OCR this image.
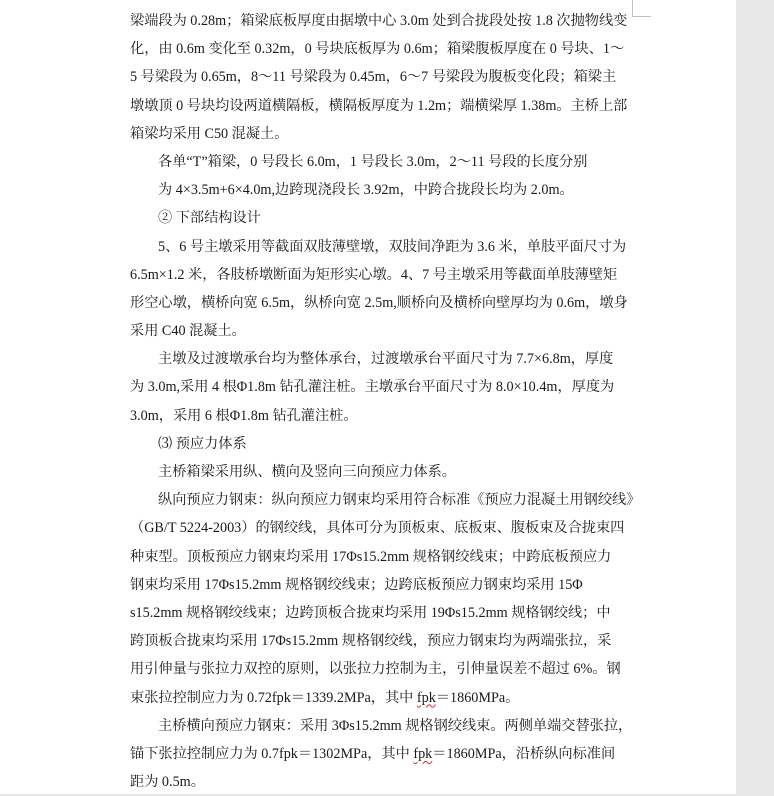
梁端段为 0.28m；箱梁底板厚度由据墩中心 3.0m 处到合拢段处按 1.8 次抛物线变
化，由 0.6m 变化至 0.32m，0 号块底板厚为 0.6m；箱梁腹板厚度在 0 号块、1～
5 号梁段为 0.65m，8～11 号梁段为 0.45m，6～7 号梁段为腹板变化段；箱梁主
墩墩顶 0 号块均设两道横隔板，横隔板厚度为 1.2m；端横梁厚 1.38m。主桥上部
箱梁均采用 C50 混凝土。
各单“T”箱梁，0 号段长 6.0m，1 号段长 3.0m，2～11 号段的长度分别
为 4×3.5m+6×4.0m,边跨现浇段长 3.92m，中跨合拢段长均为 2.0m。
② 下部结构设计
5、6 号主墩采用等截面双肢薄壁墩，双肢间净距为 3.6 米，单肢平面尺寸为
6.5m×1.2 米，各肢桥墩断面为矩形实心墩。4、7 号主墩采用等截面单肢薄壁矩
形空心墩，横桥向宽 6.5m，纵桥向宽 2.5m,顺桥向及横桥向壁厚均为 0.6m，墩身
采用 C40 混凝土。
主墩及过渡墩承台均为整体承台，过渡墩承台平面尺寸为 7.7×6.8m，厚度
为 3.0m,采用 4 根Φ1.8m 钻孔灌注桩。主墩承台平面尺寸为 8.0×10.4m，厚度为
3.0m，采用 6 根Φ1.8m 钻孔灌注桩。
⑶ 预应力体系
主桥箱梁采用纵、横向及竖向三向预应力体系。
纵向预应力钢束：纵向预应力钢束均采用符合标准《预应力混凝土用钢绞线》
（GB/T 5224-2003）的钢绞线，具体可分为顶板束、底板束、腹板束及合拢束四
种束型。顶板预应力钢束均采用 17Φs15.2mm 规格钢绞线束；中跨底板预应力
钢束均采用 17Φs15.2mm 规格钢绞线束；边跨底板预应力钢束均采用 15Φ
s15.2mm 规格钢绞线束；边跨顶板合拢束均采用 19Φs15.2mm 规格钢绞线；中
跨顶板合拢束均采用 17Φs15.2mm 规格钢绞线，预应力钢束均为两端张拉，采
用引伸量与张拉力双控的原则，以张拉力控制为主，引伸量误差不超过 6%。钢
束张拉控制应力为 0.72fpk＝1339.2MPa，其中 fpk＝1860MPa。
主桥横向预应力钢束：采用 3Φs15.2mm 规格钢绞线束。两侧单端交替张拉，
锚下张拉控制应力为 0.7fpk＝1302MPa，其中 fpk＝1860MPa，沿桥纵向标准间
距为 0.5m。
